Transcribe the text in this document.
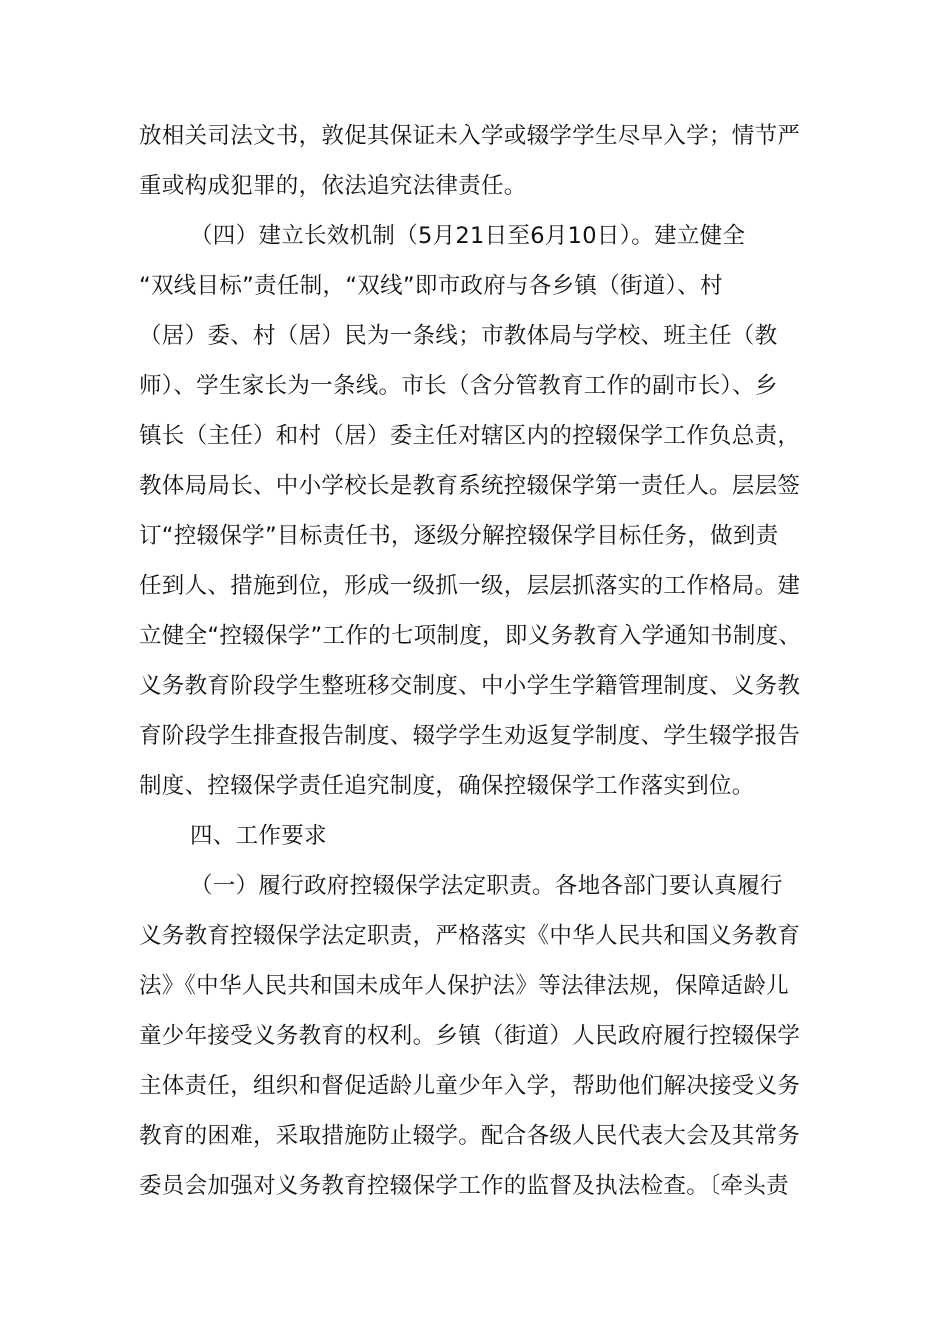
放相关司法文书，敦促其保证未入学或辍学学生尽早入学；情节严
重或构成犯罪的，依法追究法律责任。
（四）建立长效机制（5月21日至6月10日）。建立健全
“双线目标”责任制，“双线”即市政府与各乡镇（街道）、村
（居）委、村（居）民为一条线；市教体局与学校、班主任（教
师）、学生家长为一条线。市长（含分管教育工作的副市长）、乡
镇长（主任）和村（居）委主任对辖区内的控辍保学工作负总责，
教体局局长、中小学校长是教育系统控辍保学第一责任人。层层签
订“控辍保学”目标责任书，逐级分解控辍保学目标任务，做到责
任到人、措施到位，形成一级抓一级，层层抓落实的工作格局。建
立健全“控辍保学”工作的七项制度，即义务教育入学通知书制度、
义务教育阶段学生整班移交制度、中小学生学籍管理制度、义务教
育阶段学生排查报告制度、辍学学生劝返复学制度、学生辍学报告
制度、控辍保学责任追究制度，确保控辍保学工作落实到位。
四、工作要求
（一）履行政府控辍保学法定职责。各地各部门要认真履行
义务教育控辍保学法定职责，严格落实《中华人民共和国义务教育
法》《中华人民共和国未成年人保护法》等法律法规，保障适龄儿
童少年接受义务教育的权利。乡镇（街道）人民政府履行控辍保学
主体责任，组织和督促适龄儿童少年入学，帮助他们解决接受义务
教育的困难，采取措施防止辍学。配合各级人民代表大会及其常务
委员会加强对义务教育控辍保学工作的监督及执法检查。〔牵头责
